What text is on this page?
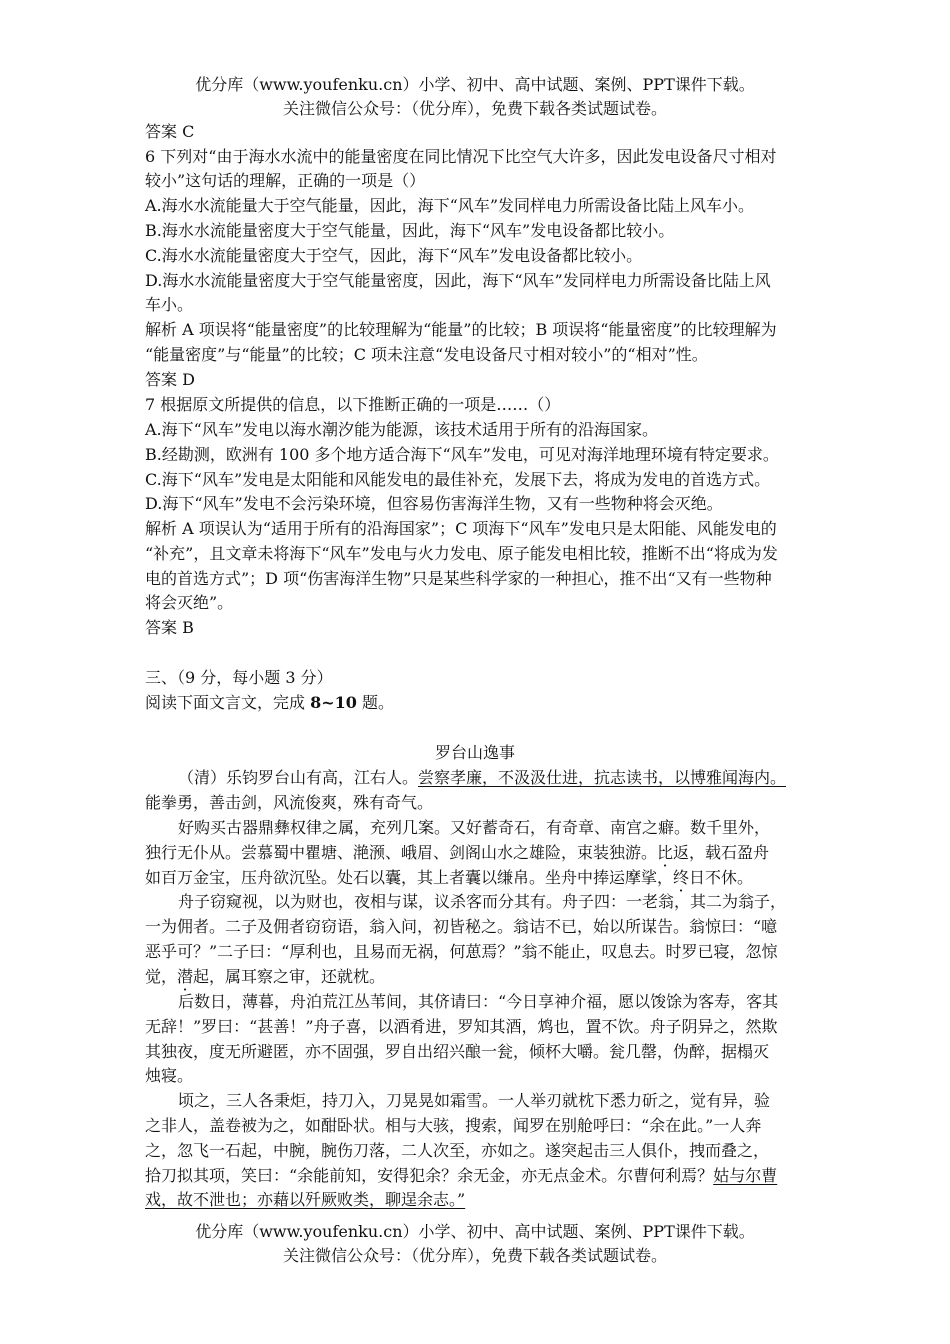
优分库（www.youfenku.cn）小学、初中、高中试题、案例、PPT课件下载。
关注微信公众号：（优分库），免费下载各类试题试卷。
答案 C
6 下列对“由于海水水流中的能量密度在同比情况下比空气大许多，因此发电设备尺寸相对
较小”这句话的理解，正确的一项是（）
A.海水水流能量大于空气能量，因此，海下“风车”发同样电力所需设备比陆上风车小。
B.海水水流能量密度大于空气能量，因此，海下“风车”发电设备都比较小。
C.海水水流能量密度大于空气，因此，海下“风车”发电设备都比较小。
D.海水水流能量密度大于空气能量密度，因此，海下“风车”发同样电力所需设备比陆上风
车小。
解析 A 项误将“能量密度”的比较理解为“能量”的比较；B 项误将“能量密度”的比较理解为
“能量密度”与“能量”的比较；C 项未注意“发电设备尺寸相对较小”的“相对”性。
答案 D
7 根据原文所提供的信息，以下推断正确的一项是……（）
A.海下“风车”发电以海水潮汐能为能源，该技术适用于所有的沿海国家。
B.经勘测，欧洲有 100 多个地方适合海下“风车”发电，可见对海洋地理环境有特定要求。
C.海下“风车”发电是太阳能和风能发电的最佳补充，发展下去，将成为发电的首选方式。
D.海下“风车”发电不会污染环境，但容易伤害海洋生物，又有一些物种将会灭绝。
解析 A 项误认为“适用于所有的沿海国家”；C 项海下“风车”发电只是太阳能、风能发电的
“补充”，且文章未将海下“风车”发电与火力发电、原子能发电相比较，推断不出“将成为发
电的首选方式”；D 项“伤害海洋生物”只是某些科学家的一种担心，推不出“又有一些物种
将会灭绝”。
答案 B
三、（9 分，每小题 3 分）
阅读下面文言文，完成 8~10 题。
罗台山逸事
（清）乐钧罗台山有高，江右人。尝察孝廉，不汲汲仕进，抗志读书，以博雅闻海内。
能拳勇，善击剑，风流俊爽，殊有奇气。
好购买古器鼎彝权律之属，充列几案。又好蓄奇石，有奇章、南宫之癖。数千里外，
独行无仆从。尝慕蜀中瞿塘、滟滪、峨眉、剑阁山水之雄险，束装独游。比返，载石盈舟
如百万金宝，压舟欲沉坠。处石以囊，其上者囊以缣帛。坐舟中捧运摩挲，终日不休。
舟子窃窥视，以为财也，夜相与谋，议杀客而分其有。舟子四：一老翁，其二为翁子，
一为佣者。二子及佣者窃窃语，翁入问，初皆秘之。翁诘不已，始以所谋告。翁惊曰：“噫
恶乎可？”二子曰：“厚利也，且易而无祸，何葸焉？”翁不能止，叹息去。时罗已寝，忽惊
觉，潜起，属耳察之审，还就枕。
后数日，薄暮，舟泊荒江丛苇间，其侪请曰：“今日享神介福，愿以馂馀为客寿，客其
无辞！”罗曰：“甚善！”舟子喜，以酒肴进，罗知其酒，鸩也，置不饮。舟子阴异之，然欺
其独夜，度无所避匿，亦不固强，罗自出绍兴酿一瓮，倾杯大嚼。瓮几罄，伪醉，据榻灭
烛寝。
顷之，三人各秉炬，持刀入，刀晃晃如霜雪。一人举刃就枕下悉力斫之，觉有异，验
之非人，盖卷被为之，如酣卧状。相与大骇，搜索，闻罗在别舱呼曰：“余在此。”一人奔
之，忽飞一石起，中腕，腕伤刀落，二人次至，亦如之。遂突起击三人俱仆，拽而叠之，
拾刀拟其项，笑曰：“余能前知，安得犯余？余无金，亦无点金术。尔曹何利焉？姑与尔曹
戏，故不泄也；亦藉以歼厥败类，聊逞余志。”
优分库（www.youfenku.cn）小学、初中、高中试题、案例、PPT课件下载。
关注微信公众号：（优分库），免费下载各类试题试卷。
